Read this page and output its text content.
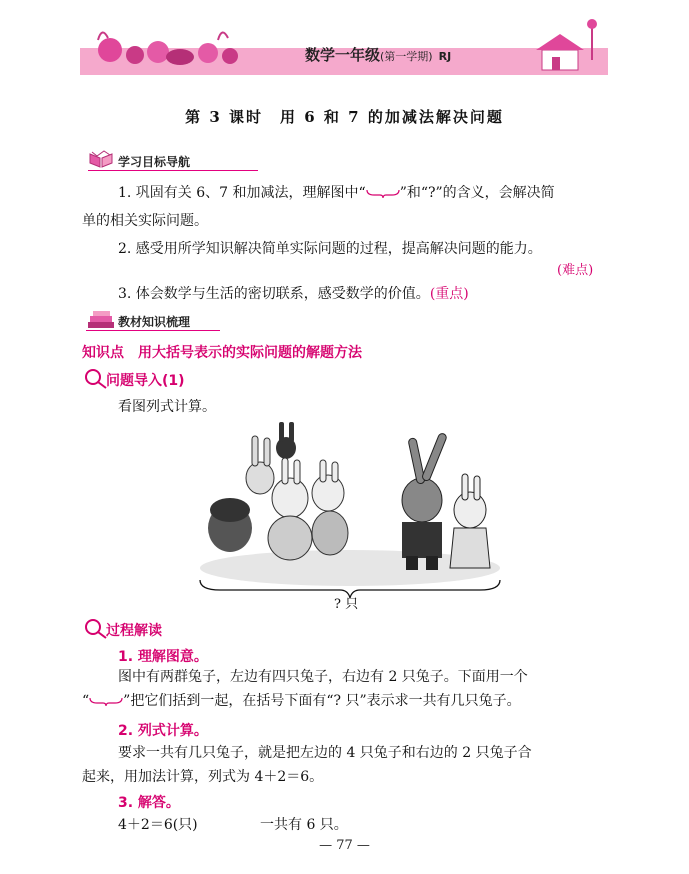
数学一年级(第一学期) RJ
第 3 课时　用 6 和 7 的加减法解决问题
学习目标导航
1. 巩固有关 6、7 和加减法，理解图中“ ”和“?”的含义，会解决简
单的相关实际问题。
2. 感受用所学知识解决简单实际问题的过程，提高解决问题的能力。
(难点)
3. 体会数学与生活的密切联系，感受数学的价值。(重点)
教材知识梳理
知识点　用大括号表示的实际问题的解题方法
问题导入(1)
看图列式计算。
? 只
过程解读
1. 理解图意。
图中有两群兔子，左边有四只兔子，右边有 2 只兔子。下面用一个
“ ”把它们括到一起，在括号下面有“? 只”表示求一共有几只兔子。
2. 列式计算。
要求一共有几只兔子，就是把左边的 4 只兔子和右边的 2 只兔子合
起来，用加法计算，列式为 4＋2＝6。
3. 解答。
4＋2＝6(只)	一共有 6 只。
— 77 —
